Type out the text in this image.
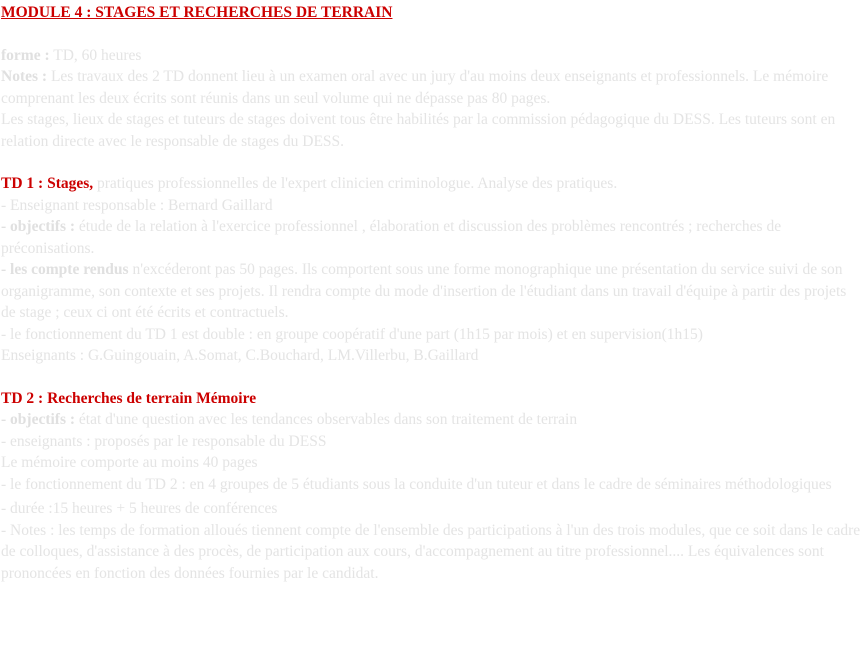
MODULE 4 : STAGES ET RECHERCHES DE TERRAIN

forme : TD, 60 heures

Notes : Les travaux des 2 TD donnent lieu à un examen oral avec un jury d'au moins deux enseignants et professionnels. Le mémoire comprenant les deux écrits sont réunis dans un seul volume qui ne dépasse pas 80 pages.

Les stages, lieux de stages et tuteurs de stages doivent tous être habilités par la commission pédagogique du DESS. Les tuteurs sont en relation directe avec le responsable de stages du DESS.

TD 1 : Stages, pratiques professionnelles de l'expert clinicien criminologue. Analyse des pratiques.

- Enseignant responsable : Bernard Gaillard

- objectifs : étude de la relation à l'exercice professionnel , élaboration et discussion des problèmes rencontrés ; recherches de préconisations.

- les compte rendus n'excéderont pas 50 pages. Ils comportent sous une forme monographique une présentation du service suivi de son organigramme, son contexte et ses projets. Il rendra compte du mode d'insertion de l'étudiant dans un travail d'équipe à partir des projets de stage ; ceux ci ont été écrits et contractuels.

- le fonctionnement du TD 1 est double : en groupe coopératif d'une part (1h15 par mois) et en supervision(1h15)

Enseignants : G.Guingouain, A.Somat, C.Bouchard, LM.Villerbu, B.Gaillard

TD 2 : Recherches de terrain Mémoire

- objectifs : état d'une question avec les tendances observables dans son traitement de terrain

- enseignants : proposés par le responsable du DESS

Le mémoire comporte au moins 40 pages

- le fonctionnement du TD 2 : en 4 groupes de 5 étudiants sous la conduite d'un tuteur et dans le cadre de séminaires méthodologiques

- durée :15 heures + 5 heures de conférences

- Notes : les temps de formation alloués tiennent compte de l'ensemble des participations à l'un des trois modules, que ce soit dans le cadre de colloques, d'assistance à des procès, de participation aux cours, d'accompagnement au titre professionnel.... Les équivalences sont prononcées en fonction des données fournies par le candidat.
